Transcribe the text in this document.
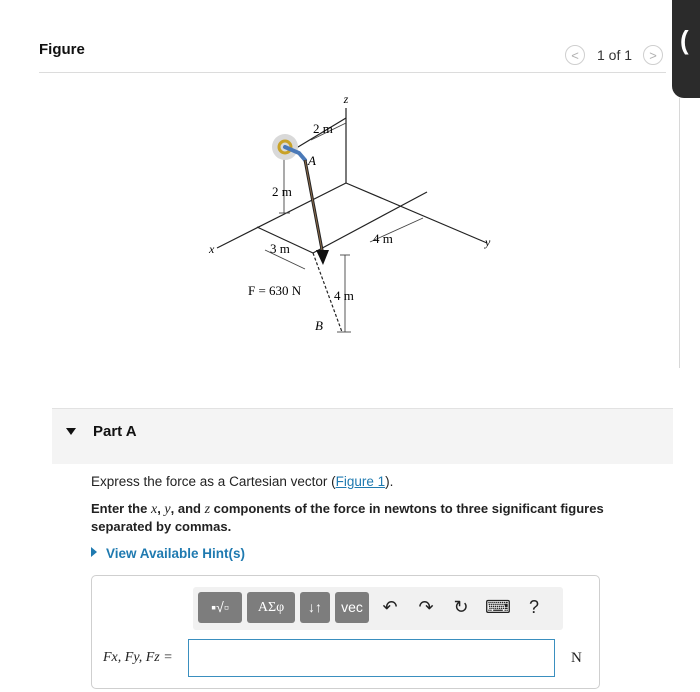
Figure	<	1 of 1	>
(
z
x	y
A
B
2 m
2 m
3 m
4 m
4 m
F = 630 N
Part A
Express the force as a Cartesian vector (Figure 1).
Enter the x, y, and z components of the force in newtons to three significant figures separated by commas.
View Available Hint(s)
▪√▫	ΑΣφ	↓↑	vec	↶	↷	↻ ⌨	?
Fx, Fy, Fz =	N
